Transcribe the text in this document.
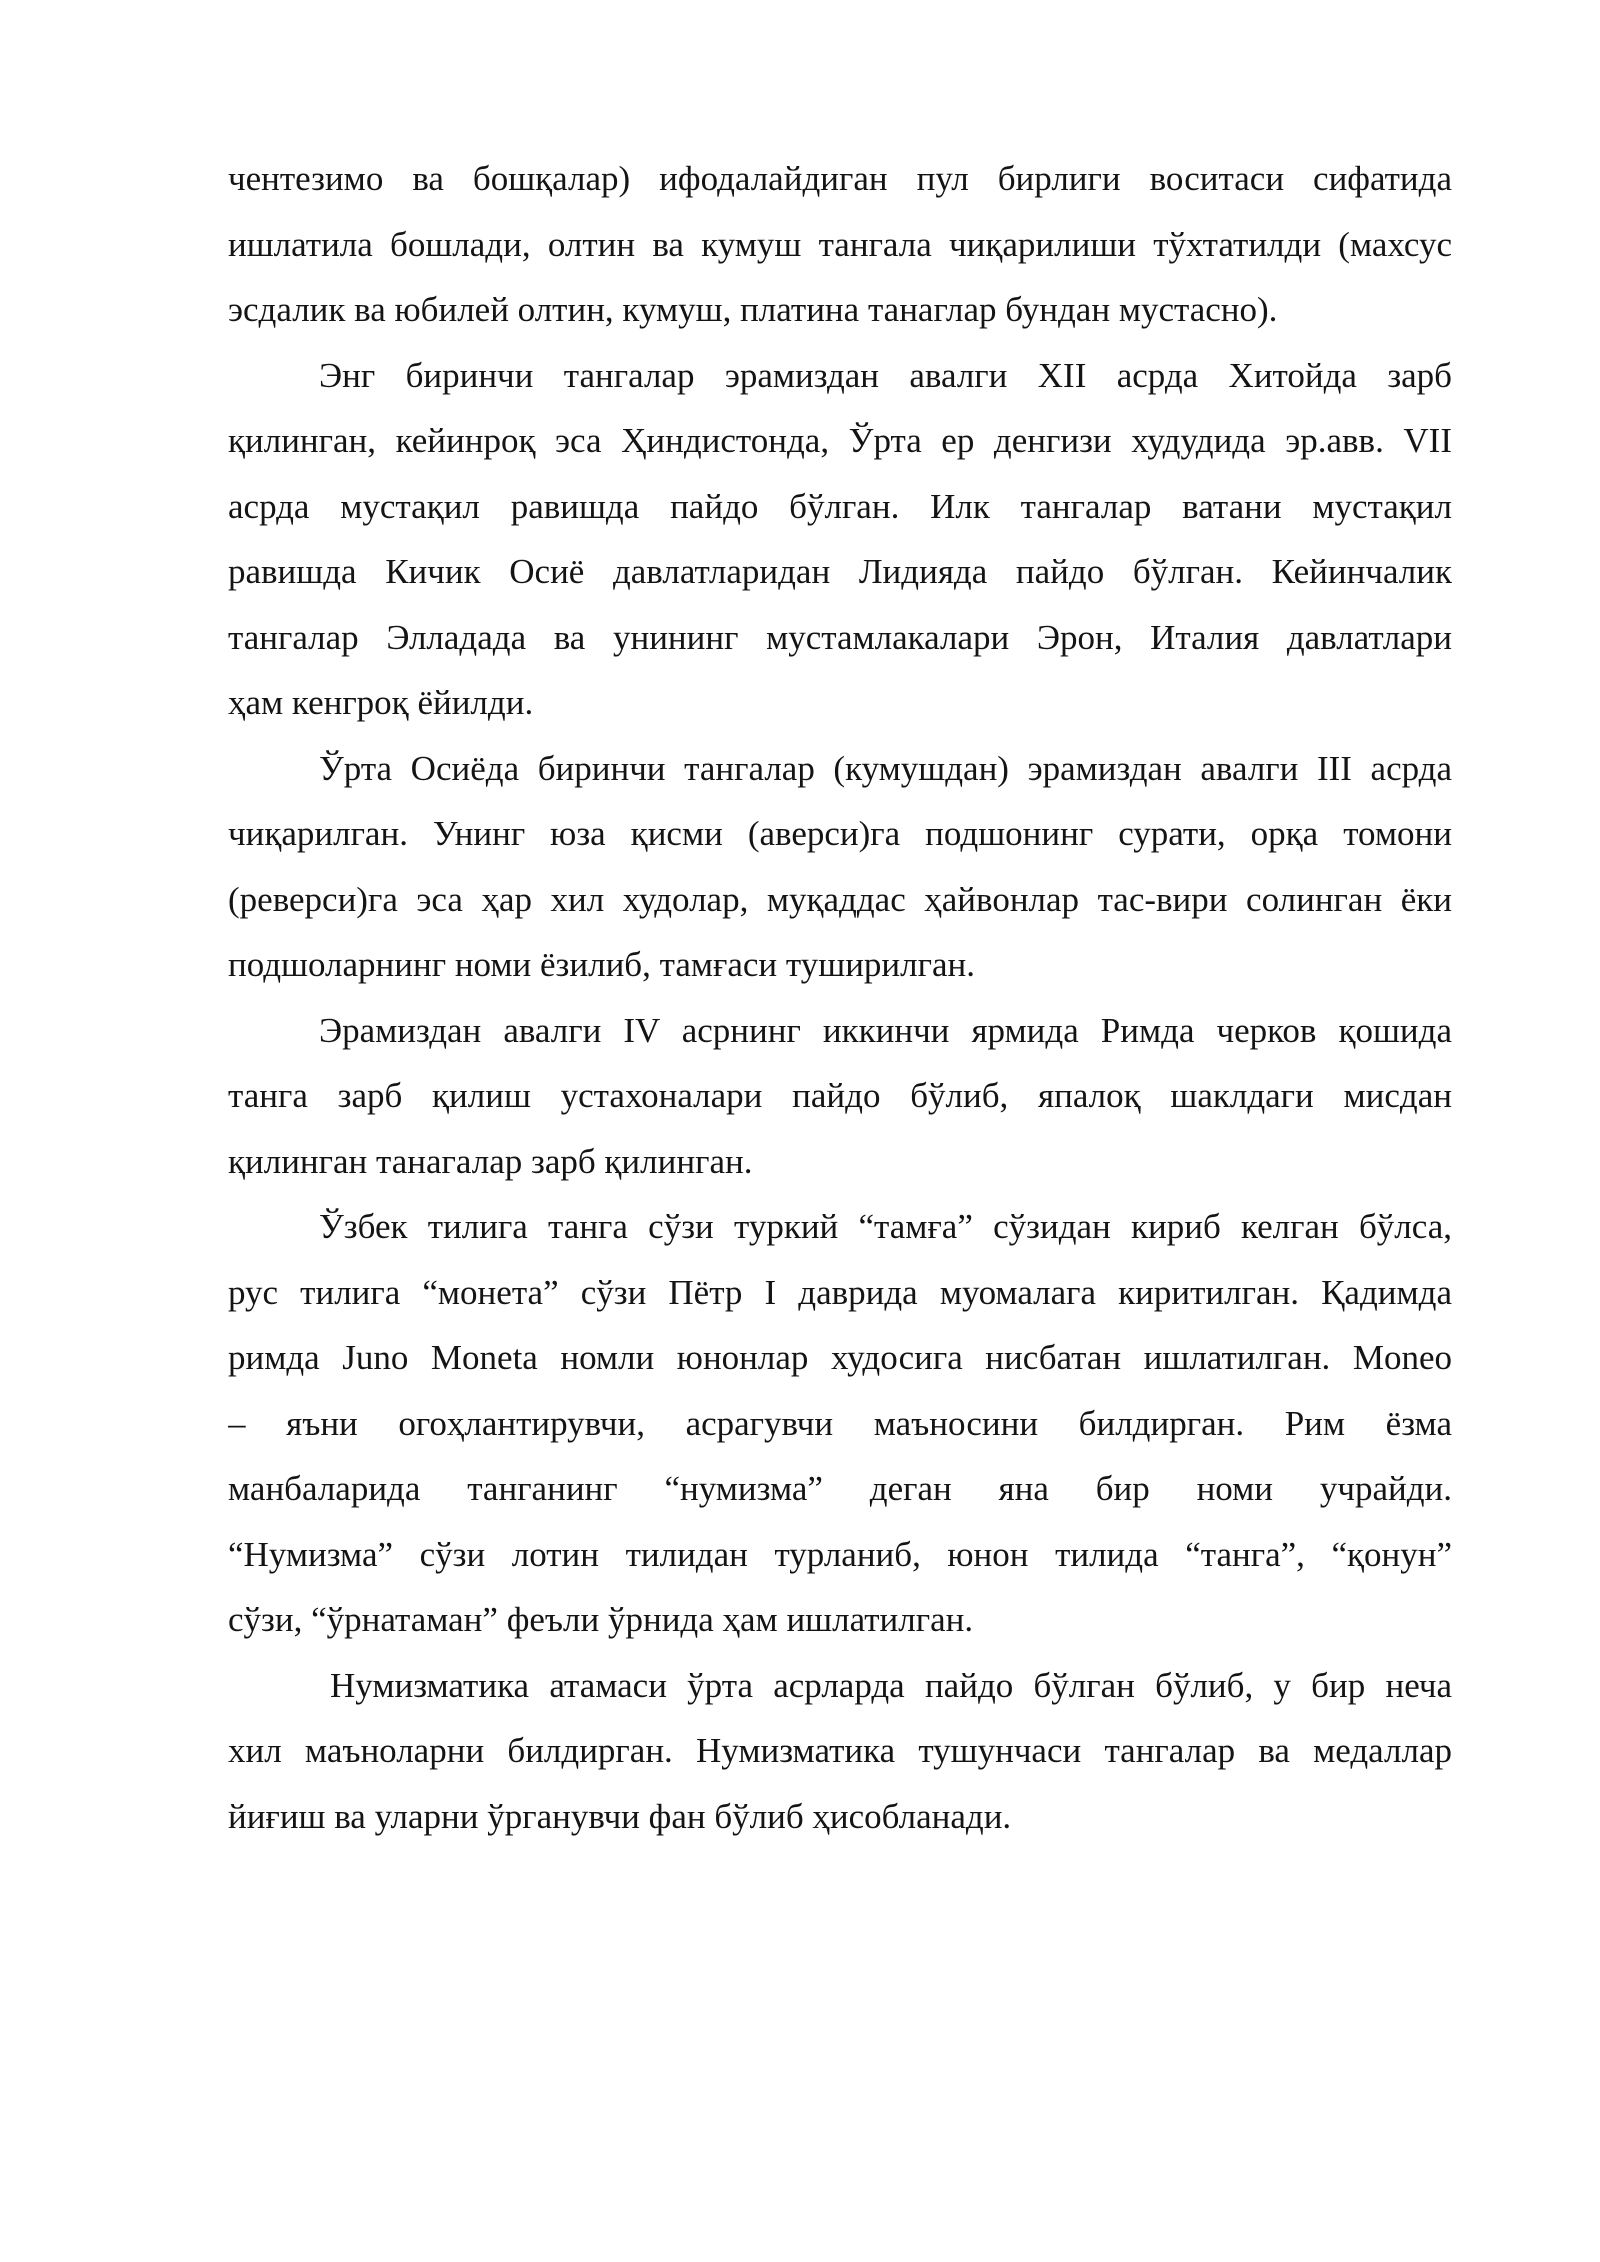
чентезимо ва бошқалар) ифодалайдиган пул бирлиги воситаси сифатида
ишлатила бошлади, олтин ва кумуш тангала чиқарилиши тўхтатилди (махсус
эсдалик ва юбилей олтин, кумуш, платина танаглар бундан мустасно).
Энг биринчи тангалар эрамиздан авалги XII асрда Хитойда зарб
қилинган, кейинроқ эса Ҳиндистонда, Ўрта ер денгизи худудида эр.авв. VII
асрда мустақил равишда пайдо бўлган. Илк тангалар ватани мустақил
равишда Кичик Осиё давлатларидан Лидияда пайдо бўлган. Кейинчалик
тангалар Элладада ва унининг мустамлакалари Эрон, Италия давлатлари
ҳам кенгроқ ёйилди.
Ўрта Осиёда биринчи тангалар (кумушдан) эрамиздан авалги III асрда
чиқарилган. Унинг юза қисми (аверси)га подшонинг сурати, орқа томони
(реверси)га эса ҳар хил худолар, муқаддас ҳайвонлар тас-вири солинган ёки
подшоларнинг номи ёзилиб, тамғаси туширилган.
Эрамиздан авалги IV асрнинг иккинчи ярмида Римда черков қошида
танга зарб қилиш устахоналари пайдо бўлиб, япалоқ шаклдаги мисдан
қилинган танагалар зарб қилинган.
Ўзбек тилига танга сўзи туркий “тамға” сўзидан кириб келган бўлса,
рус тилига “монета” сўзи Пётр I даврида муомалага киритилган. Қадимда
римда Juno Moneta номли юнонлар худосига нисбатан ишлатилган. Moneo
– яъни огоҳлантирувчи, асрагувчи маъносини билдирган. Рим ёзма
манбаларида танганинг “нумизма” деган яна бир номи учрайди.
“Нумизма” сўзи лотин тилидан турланиб, юнон тилида “танга”, “қонун”
сўзи, “ўрнатаман” феъли ўрнида ҳам ишлатилган.
Нумизматика атамаси ўрта асрларда пайдо бўлган бўлиб, у бир неча
хил маъноларни билдирган. Нумизматика тушунчаси тангалар ва медаллар
йиғиш ва уларни ўрганувчи фан бўлиб ҳисобланади.
